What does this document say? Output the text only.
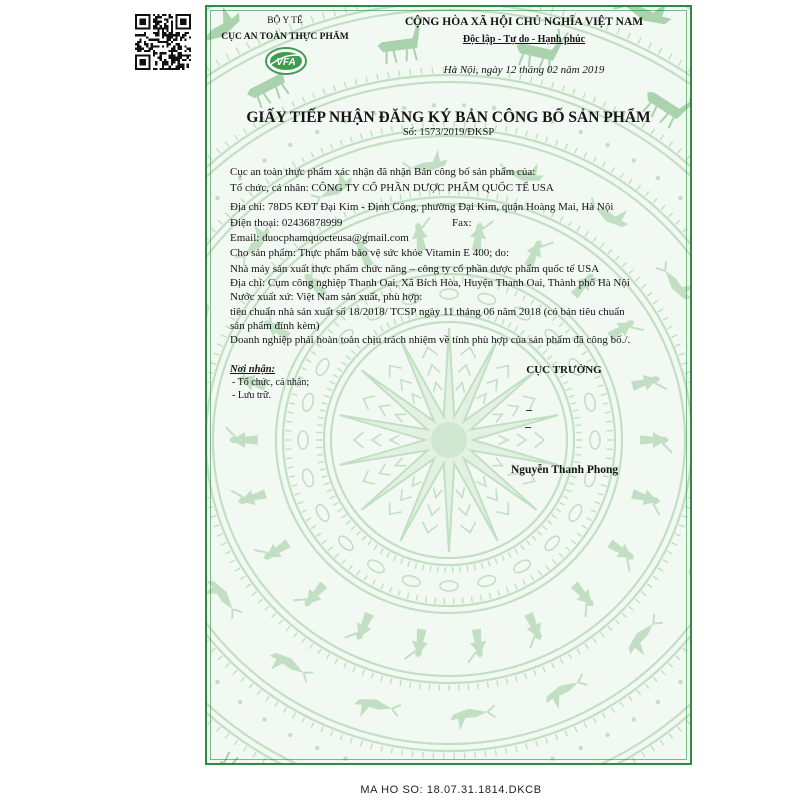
BỘ Y TẾ
CỤC AN TOÀN THỰC PHẨM
VFA
CỘNG HÒA XÃ HỘI CHỦ NGHĨA VIỆT NAM
Độc lập - Tự do - Hạnh phúc
Hà Nội, ngày 12 tháng 02 năm 2019
GIẤY TIẾP NHẬN ĐĂNG KÝ BẢN CÔNG BỐ SẢN PHẨM
Số: 1573/2019/ĐKSP
Cục an toàn thực phẩm xác nhận đã nhận Bản công bố sản phẩm của:
Tổ chức, cá nhân: CÔNG TY CỔ PHẦN DƯỢC PHẨM QUỐC TẾ USA
Địa chỉ: 78D5 KĐT Đại Kim - Định Công, phường Đại Kim, quận Hoàng Mai, Hà Nội
Điện thoại: 02436878999	Fax:
Email: duocphamquocteusa@gmail.com
Cho sản phẩm: Thực phẩm bảo vệ sức khỏe Vitamin E 400; do:
Nhà máy sản xuất thực phẩm chức năng – công ty cổ phần dược phẩm quốc tế USA
Địa chỉ: Cụm công nghiệp Thanh Oai, Xã Bích Hòa, Huyện Thanh Oai, Thành phố Hà Nội
Nước xuất xứ: Việt Nam sản xuất, phù hợp:
tiêu chuẩn nhà sản xuất số 18/2018/ TCSP ngày 11 tháng 06 năm 2018 (có bản tiêu chuẩn
sản phẩm đính kèm)
Doanh nghiệp phải hoàn toàn chịu trách nhiệm về tính phù hợp của sản phẩm đã công bố./.
Nơi nhận:
- Tổ chức, cá nhân;
- Lưu trữ.
CỤC TRƯỞNG
Nguyễn Thanh Phong
MA HO SO: 18.07.31.1814.DKCB
